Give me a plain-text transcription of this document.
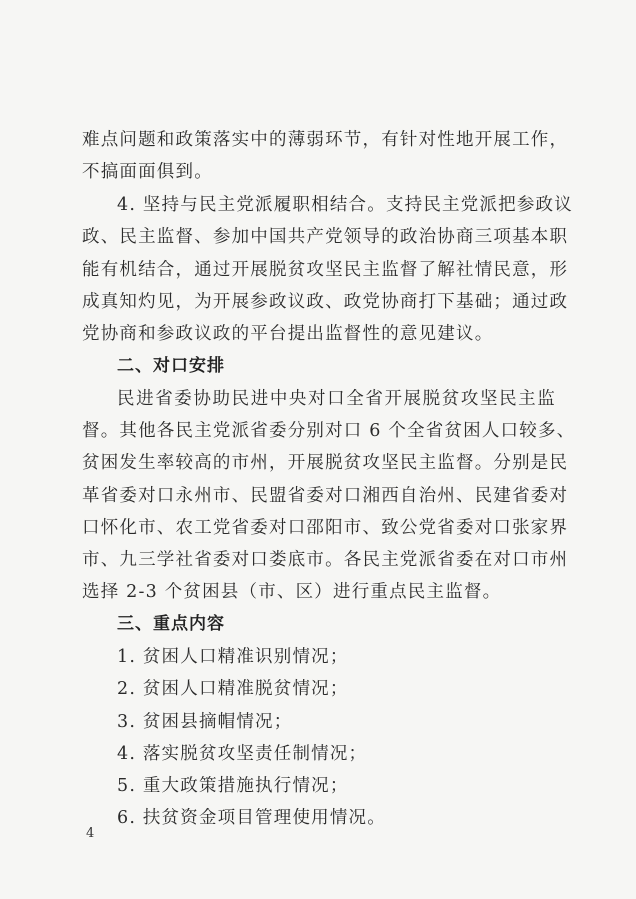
难点问题和政策落实中的薄弱环节，有针对性地开展工作，
不搞面面俱到。
4. 坚持与民主党派履职相结合。支持民主党派把参政议
政、民主监督、参加中国共产党领导的政治协商三项基本职
能有机结合，通过开展脱贫攻坚民主监督了解社情民意，形
成真知灼见，为开展参政议政、政党协商打下基础；通过政
党协商和参政议政的平台提出监督性的意见建议。
二、对口安排
民进省委协助民进中央对口全省开展脱贫攻坚民主监
督。其他各民主党派省委分别对口 6 个全省贫困人口较多、
贫困发生率较高的市州，开展脱贫攻坚民主监督。分别是民
革省委对口永州市、民盟省委对口湘西自治州、民建省委对
口怀化市、农工党省委对口邵阳市、致公党省委对口张家界
市、九三学社省委对口娄底市。各民主党派省委在对口市州
选择 2-3 个贫困县（市、区）进行重点民主监督。
三、重点内容
1. 贫困人口精准识别情况；
2. 贫困人口精准脱贫情况；
3. 贫困县摘帽情况；
4. 落实脱贫攻坚责任制情况；
5. 重大政策措施执行情况；
6. 扶贫资金项目管理使用情况。
4
